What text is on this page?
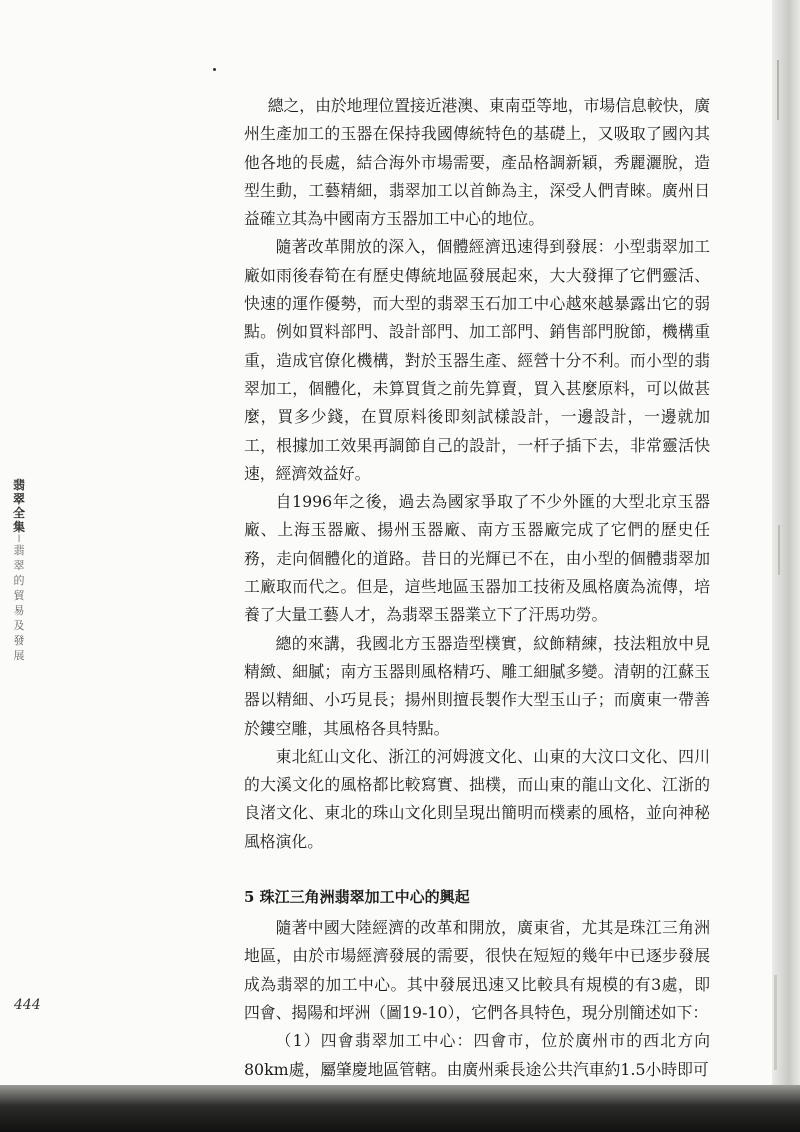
翡
翠
全
集
|
翡
翠
的
貿
易
及
發
展

總之，由於地理位置接近港澳、東南亞等地，市場信息較快，廣州生產加工的玉器在保持我國傳統特色的基礎上，又吸取了國內其他各地的長處，結合海外市場需要，產品格調新穎，秀麗灑脫，造型生動，工藝精細，翡翠加工以首飾為主，深受人們青睞。廣州日益確立其為中國南方玉器加工中心的地位。

隨著改革開放的深入，個體經濟迅速得到發展：小型翡翠加工廠如雨後春筍在有歷史傳統地區發展起來，大大發揮了它們靈活、快速的運作優勢，而大型的翡翠玉石加工中心越來越暴露出它的弱點。例如買料部門、設計部門、加工部門、銷售部門脫節，機構重重，造成官僚化機構，對於玉器生產、經營十分不利。而小型的翡翠加工，個體化，未算買貨之前先算賣，買入甚麼原料，可以做甚麼，買多少錢，在買原料後即刻試樣設計，一邊設計，一邊就加工，根據加工效果再調節自己的設計，一杆子插下去，非常靈活快速，經濟效益好。

自1996年之後，過去為國家爭取了不少外匯的大型北京玉器廠、上海玉器廠、揚州玉器廠、南方玉器廠完成了它們的歷史任務，走向個體化的道路。昔日的光輝已不在，由小型的個體翡翠加工廠取而代之。但是，這些地區玉器加工技術及風格廣為流傳，培養了大量工藝人才，為翡翠玉器業立下了汗馬功勞。

總的來講，我國北方玉器造型樸實，紋飾精練，技法粗放中見精緻、細膩；南方玉器則風格精巧、雕工細膩多變。清朝的江蘇玉器以精細、小巧見長；揚州則擅長製作大型玉山子；而廣東一帶善於鏤空雕，其風格各具特點。

東北紅山文化、浙江的河姆渡文化、山東的大汶口文化、四川的大溪文化的風格都比較寫實、拙樸，而山東的龍山文化、江浙的良渚文化、東北的珠山文化則呈現出簡明而樸素的風格，並向神秘風格演化。

5 珠江三角洲翡翠加工中心的興起

隨著中國大陸經濟的改革和開放，廣東省，尤其是珠江三角洲地區，由於市場經濟發展的需要，很快在短短的幾年中已逐步發展成為翡翠的加工中心。其中發展迅速又比較具有規模的有3處，即四會、揭陽和坪洲（圖19-10），它們各具特色，現分別簡述如下：

（1）四會翡翠加工中心：四會市，位於廣州市的西北方向80km處，屬肇慶地區管轄。由廣州乘長途公共汽車約1.5小時即可

444
